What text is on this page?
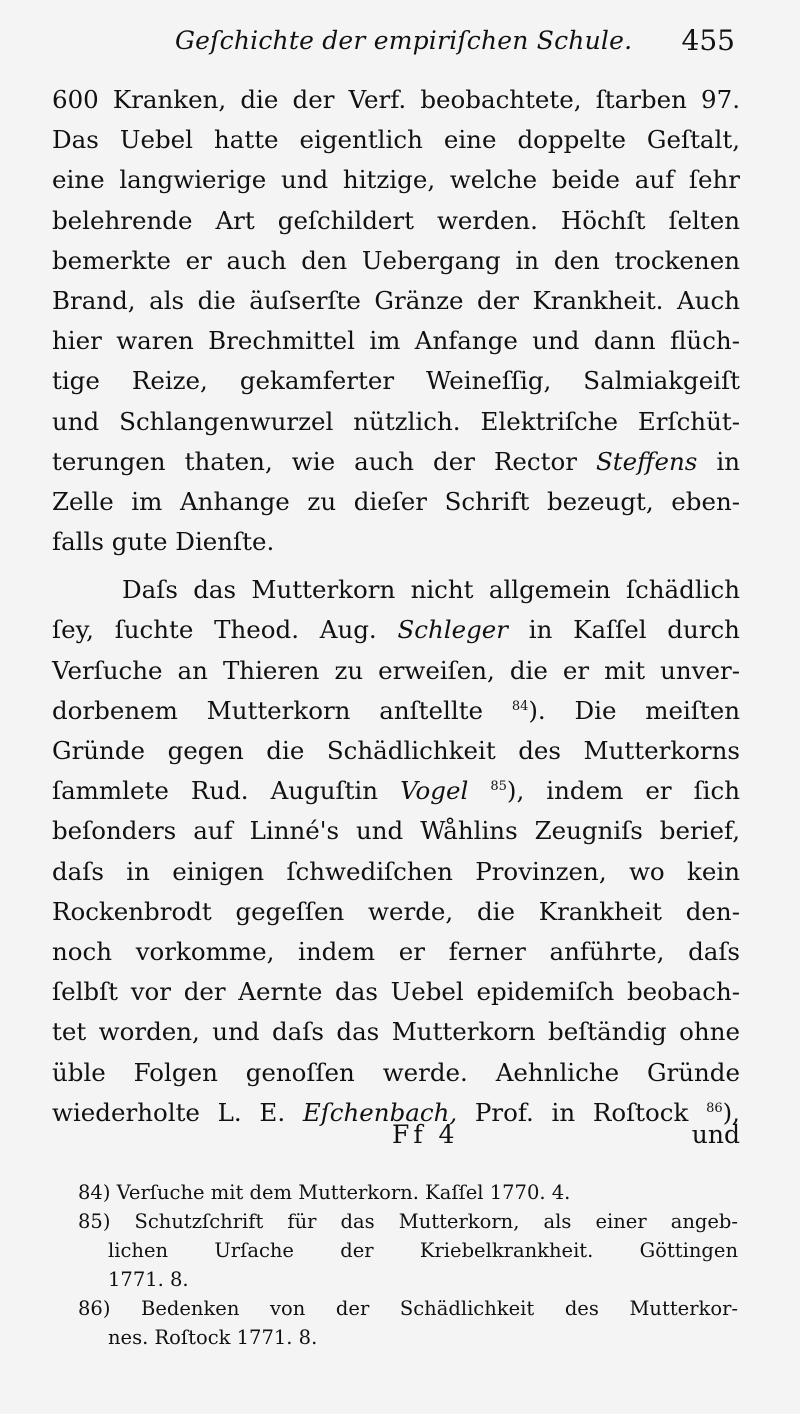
Geſchichte der empiriſchen Schule. 455
600 Kranken, die der Verf. beobachtete, ſtarben 97.
Das Uebel hatte eigentlich eine doppelte Geſtalt,
eine langwierige und hitzige, welche beide auf ſehr
belehrende Art geſchildert werden. Höchſt ſelten
bemerkte er auch den Uebergang in den trockenen
Brand, als die äuſserſte Gränze der Krankheit. Auch
hier waren Brechmittel im Anfange und dann flüch-
tige Reize, gekamferter Weineſſig, Salmiakgeiſt
und Schlangenwurzel nützlich. Elektriſche Erſchüt-
terungen thaten, wie auch der Rector Steffens in
Zelle im Anhange zu dieſer Schrift bezeugt, eben-
falls gute Dienſte.
Daſs das Mutterkorn nicht allgemein ſchädlich
ſey, ſuchte Theod. Aug. Schleger in Kaſſel durch
Verſuche an Thieren zu erweiſen, die er mit unver-
dorbenem Mutterkorn anſtellte $^{84}$). Die meiſten
Gründe gegen die Schädlichkeit des Mutterkorns
ſammlete Rud. Auguſtin Vogel $^{85}$), indem er ſich
beſonders auf Linné's und Wåhlins Zeugniſs berief,
daſs in einigen ſchwediſchen Provinzen, wo kein
Rockenbrodt gegeſſen werde, die Krankheit den-
noch vorkomme, indem er ferner anführte, daſs
ſelbſt vor der Aernte das Uebel epidemiſch beobach-
tet worden, und daſs das Mutterkorn beſtändig ohne
üble Folgen genoſſen werde. Aehnliche Gründe
wiederholte L. E. Eſchenbach, Prof. in Roſtock $^{86}$),
Ff 4	und
84) Verſuche mit dem Mutterkorn. Kaſſel 1770. 4.
85) Schutzſchrift für das Mutterkorn, als einer angeb-
lichen Urſache der Kriebelkrankheit. Göttingen
1771. 8.
86) Bedenken von der Schädlichkeit des Mutterkor-
nes. Roſtock 1771. 8.
